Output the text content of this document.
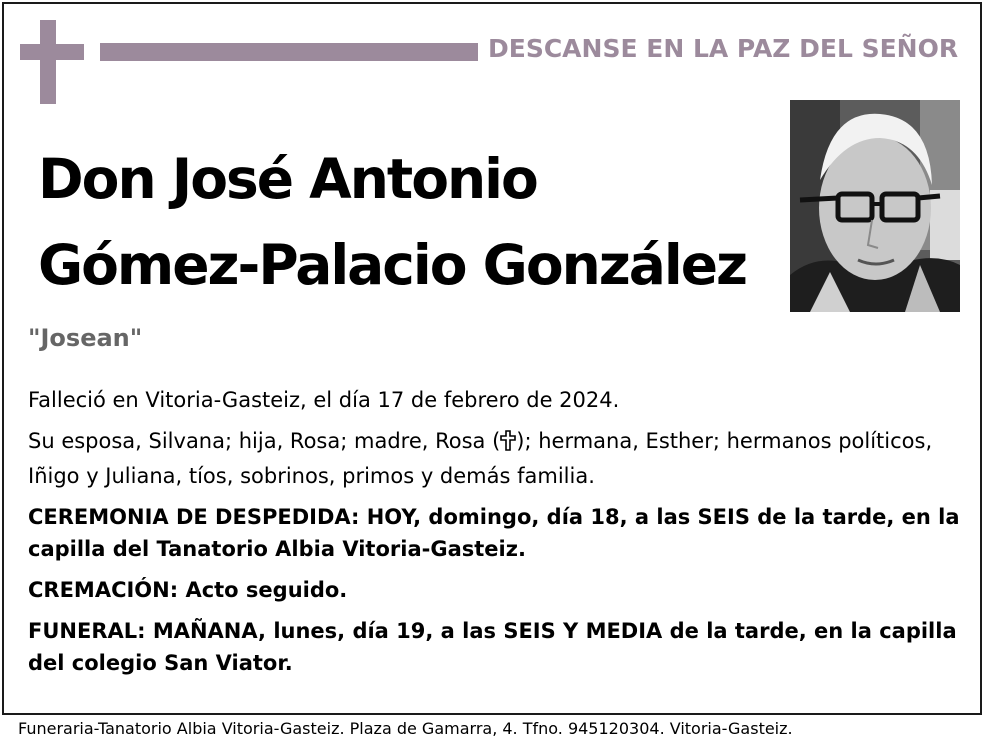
DESCANSE EN LA PAZ DEL SEÑOR
Don José Antonio
Gómez-Palacio González
"Josean"

Falleció en Vitoria-Gasteiz, el día 17 de febrero de 2024.

Su esposa, Silvana; hija, Rosa; madre, Rosa ( ); hermana, Esther; hermanos políticos, Iñigo y Juliana, tíos, sobrinos, primos y demás familia.

CEREMONIA DE DESPEDIDA: HOY, domingo, día 18, a las SEIS de la tarde, en la capilla del Tanatorio Albia Vitoria-Gasteiz.

CREMACIÓN: Acto seguido.

FUNERAL: MAÑANA, lunes, día 19, a las SEIS Y MEDIA de la tarde, en la capilla del colegio San Viator.

Funeraria-Tanatorio Albia Vitoria-Gasteiz. Plaza de Gamarra, 4. Tfno. 945120304. Vitoria-Gasteiz.
